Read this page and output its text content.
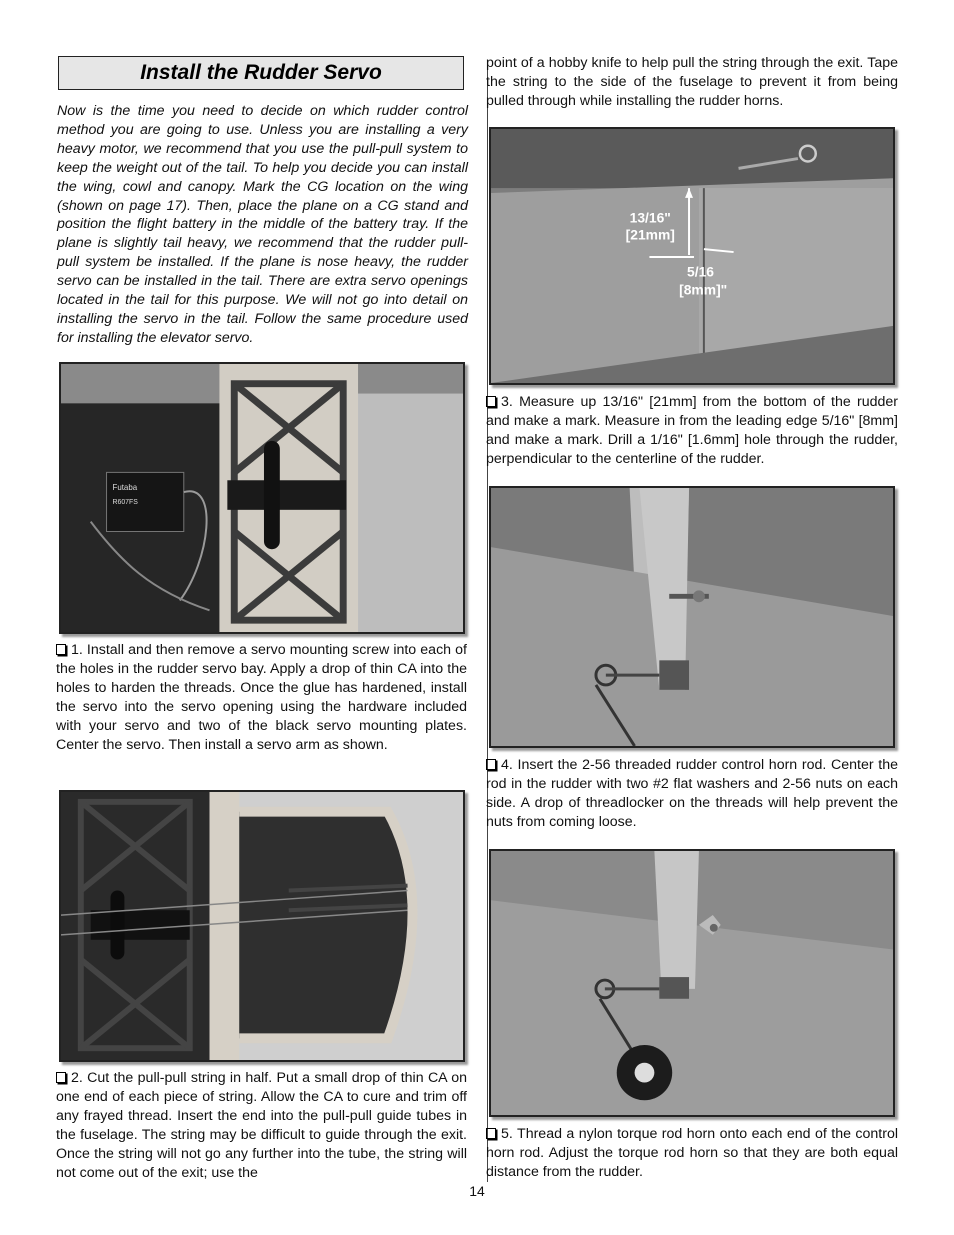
Install the Rudder Servo

Now is the time you need to decide on which rudder control method you are going to use. Unless you are installing a very heavy motor, we recommend that you use the pull-pull system to keep the weight out of the tail. To help you decide you can install the wing, cowl and canopy. Mark the CG location on the wing (shown on page 17). Then, place the plane on a CG stand and position the flight battery in the middle of the battery tray. If the plane is slightly tail heavy, we recommend that the rudder pull-pull system be installed. If the plane is nose heavy, the rudder servo can be installed in the tail. There are extra servo openings located in the tail for this purpose. We will not go into detail on installing the servo in the tail. Follow the same procedure used for installing the elevator servo.

Futaba
R607FS

1. Install and then remove a servo mounting screw into each of the holes in the rudder servo bay. Apply a drop of thin CA into the holes to harden the threads. Once the glue has hardened, install the servo into the servo opening using the hardware included with your servo and two of the black servo mounting plates. Center the servo. Then install a servo arm as shown.

2. Cut the pull-pull string in half. Put a small drop of thin CA on one end of each piece of string. Allow the CA to cure and trim off any frayed thread. Insert the end into the pull-pull guide tubes in the fuselage. The string may be difficult to guide through the exit. Once the string will not go any further into the tube, the string will not come out of the exit; use the

point of a hobby knife to help pull the string through the exit. Tape the string to the side of the fuselage to prevent it from being pulled through while installing the rudder horns.

13/16"
[21mm]
5/16
[8mm]"

3. Measure up 13/16" [21mm] from the bottom of the rudder and make a mark. Measure in from the leading edge 5/16" [8mm] and make a mark. Drill a 1/16" [1.6mm] hole through the rudder, perpendicular to the centerline of the rudder.

4. Insert the 2-56 threaded rudder control horn rod. Center the rod in the rudder with two #2 flat washers and 2-56 nuts on each side. A drop of threadlocker on the threads will help prevent the nuts from coming loose.

5. Thread a nylon torque rod horn onto each end of the control horn rod. Adjust the torque rod horn so that they are both equal distance from the rudder.

14
